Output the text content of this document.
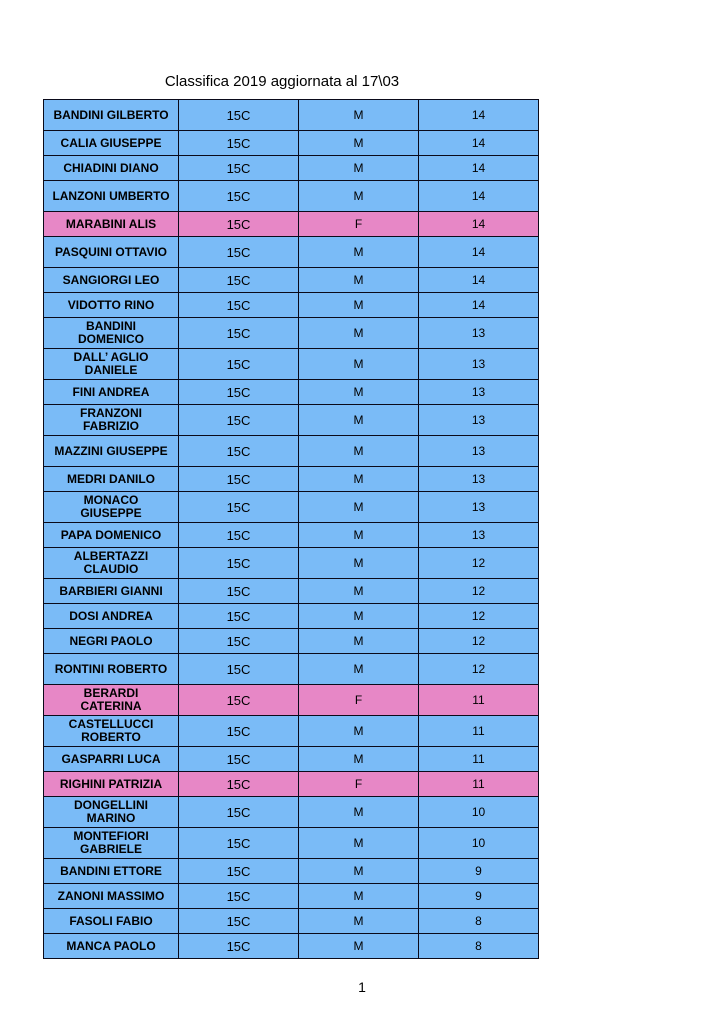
Classifica 2019 aggiornata al 17\03
BANDINI GILBERTO	15C	M	14
CALIA GIUSEPPE	15C	M	14
CHIADINI DIANO	15C	M	14
LANZONI UMBERTO	15C	M	14
MARABINI ALIS	15C	F	14
PASQUINI OTTAVIO	15C	M	14
SANGIORGI LEO	15C	M	14
VIDOTTO RINO	15C	M	14
BANDINI DOMENICO	15C	M	13
DALL’ AGLIO DANIELE	15C	M	13
FINI ANDREA	15C	M	13
FRANZONI FABRIZIO	15C	M	13
MAZZINI GIUSEPPE	15C	M	13
MEDRI DANILO	15C	M	13
MONACO GIUSEPPE	15C	M	13
PAPA DOMENICO	15C	M	13
ALBERTAZZI CLAUDIO	15C	M	12
BARBIERI GIANNI	15C	M	12
DOSI ANDREA	15C	M	12
NEGRI PAOLO	15C	M	12
RONTINI ROBERTO	15C	M	12
BERARDI CATERINA	15C	F	11
CASTELLUCCI ROBERTO	15C	M	11
GASPARRI LUCA	15C	M	11
RIGHINI PATRIZIA	15C	F	11
DONGELLINI MARINO	15C	M	10
MONTEFIORI GABRIELE	15C	M	10
BANDINI ETTORE	15C	M	9
ZANONI MASSIMO	15C	M	9
FASOLI FABIO	15C	M	8
MANCA PAOLO	15C	M	8
1
